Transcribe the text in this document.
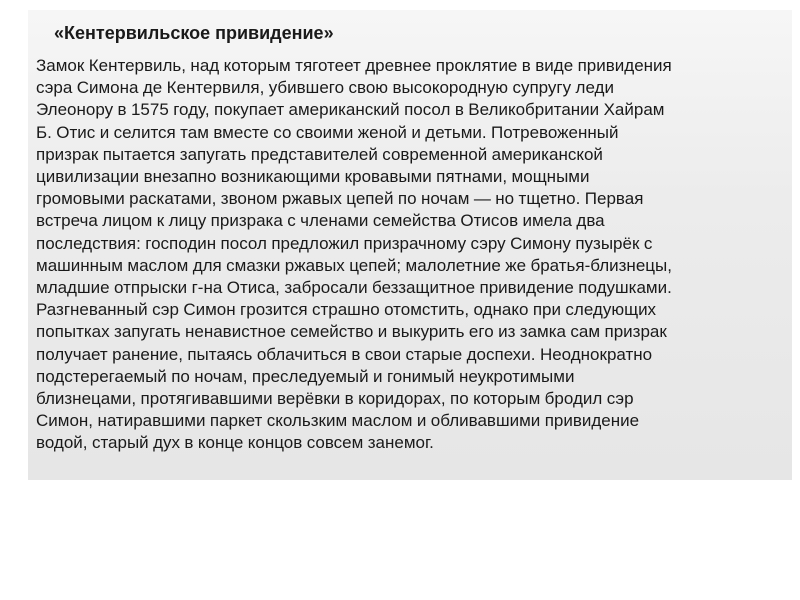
«Кентервильское привидение»

Замок Кентервиль, над которым тяготеет древнее проклятие в виде привидения
сэра Симона де Кентервиля, убившего свою высокородную супругу леди
Элеонору в 1575 году, покупает американский посол в Великобритании Хайрам
Б. Отис и селится там вместе со своими женой и детьми. Потревоженный
призрак пытается запугать представителей современной американской
цивилизации внезапно возникающими кровавыми пятнами, мощными
громовыми раскатами, звоном ржавых цепей по ночам — но тщетно. Первая
встреча лицом к лицу призрака с членами семейства Отисов имела два
последствия: господин посол предложил призрачному сэру Симону пузырёк с
машинным маслом для смазки ржавых цепей; малолетние же братья-близнецы,
младшие отпрыски г-на Отиса, забросали беззащитное привидение подушками.
Разгневанный сэр Симон грозится страшно отомстить, однако при следующих
попытках запугать ненавистное семейство и выкурить его из замка сам призрак
получает ранение, пытаясь облачиться в свои старые доспехи. Неоднократно
подстерегаемый по ночам, преследуемый и гонимый неукротимыми
близнецами, протягивавшими верёвки в коридорах, по которым бродил сэр
Симон, натиравшими паркет скользким маслом и обливавшими привидение
водой, старый дух в конце концов совсем занемог.
